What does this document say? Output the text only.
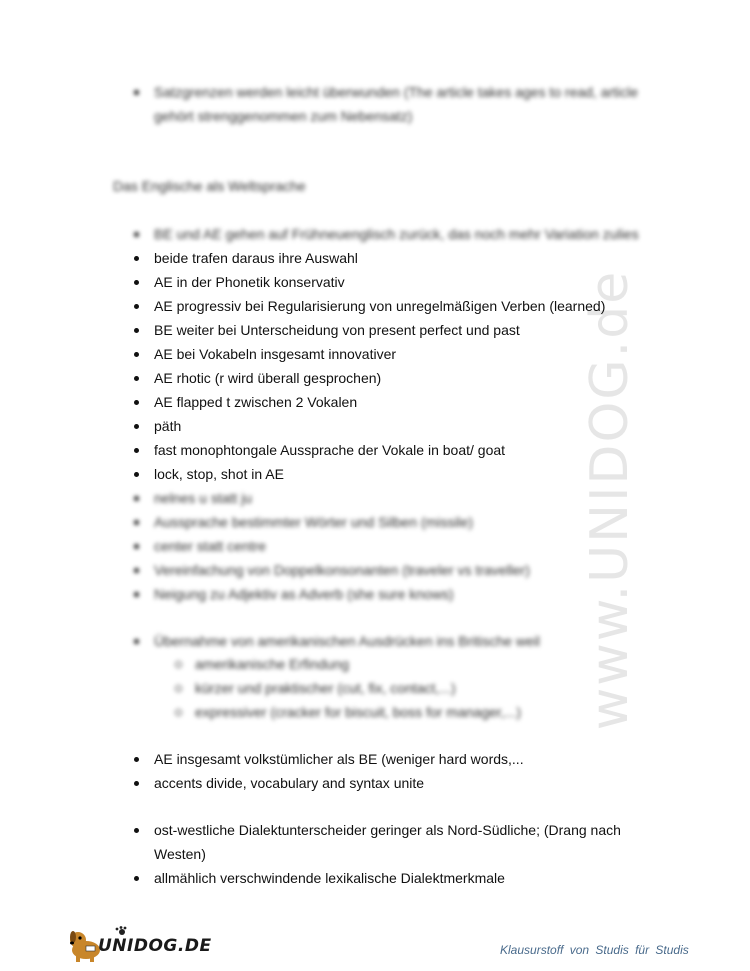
www.UNIDOG.de
Satzgrenzen werden leicht überwunden (The article takes ages to read, article gehört strenggenommen zum Nebensatz)
Das Englische als Weltsprache
BE und AE gehen auf Frühneuenglisch zurück, das noch mehr Variation zulies
beide trafen daraus ihre Auswahl
AE in der Phonetik konservativ
AE progressiv bei Regularisierung von unregelmäßigen Verben (learned)
BE weiter bei Unterscheidung von present perfect und past
AE bei Vokabeln insgesamt innovativer
AE rhotic (r wird überall gesprochen)
AE flapped t zwischen 2 Vokalen
päth
fast monophtongale Aussprache der Vokale in boat/ goat
lock, stop, shot in AE
nelnes u statt ju
Aussprache bestimmter Wörter und Silben (missile)
center statt centre
Vereinfachung von Doppelkonsonanten (traveler vs traveller)
Neigung zu Adjektiv as Adverb (she sure knows)
Übernahme von amerikanischen Ausdrücken ins Britische weil
amerikanische Erfindung
kürzer und praktischer (cut, fix, contact,...)
expressiver (cracker for biscuit, boss for manager,...)
AE insgesamt volkstümlicher als BE (weniger hard words,...
accents divide, vocabulary and syntax unite
ost-westliche Dialektunterscheider geringer als Nord-Südliche; (Drang nach Westen)
allmählich verschwindende lexikalische Dialektmerkmale
UNIDOG.DE	Klausurstoff von Studis für Studis
